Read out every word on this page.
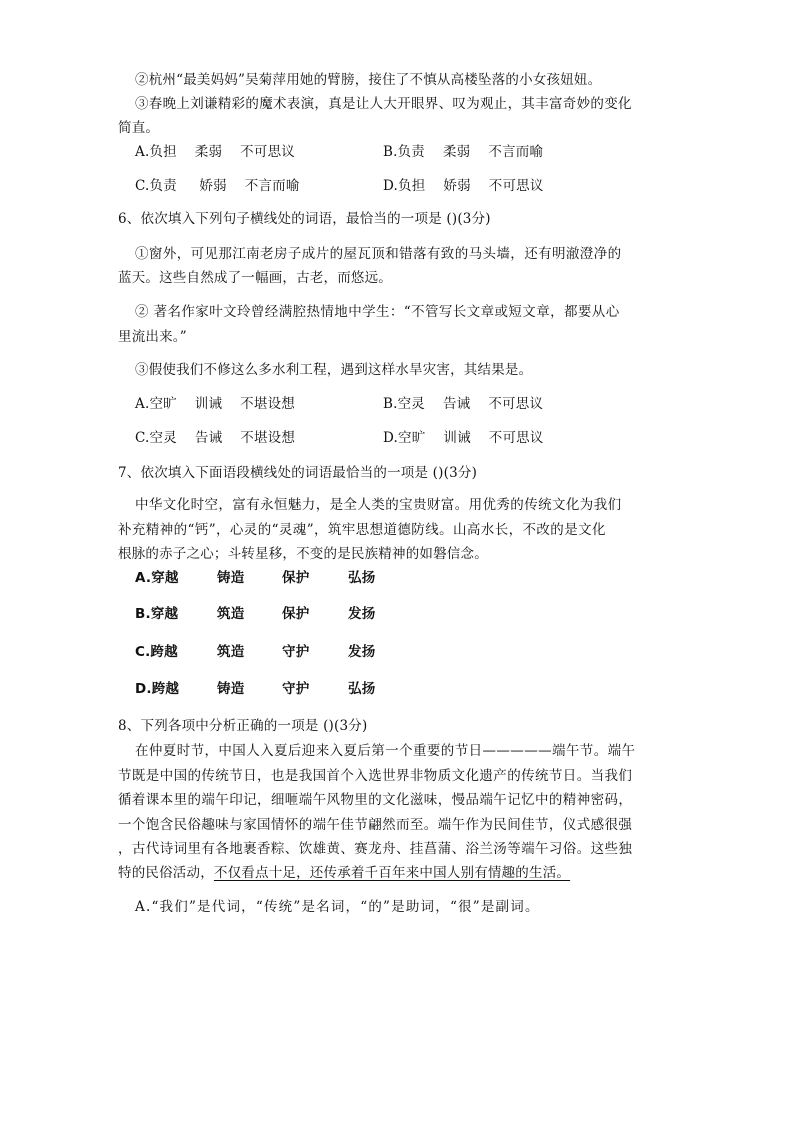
②杭州“最美妈妈”吴菊萍用她的臂膀，接住了不慎从高楼坠落的小女孩妞妞。
③春晚上刘谦精彩的魔术表演，真是让人大开眼界、叹为观止，其丰富奇妙的变化
简直。
A.负担    柔弱    不可思议	B.负责    柔弱    不言而喻
C.负责     娇弱    不言而喻	D.负担    娇弱    不可思议
6、依次填入下列句子横线处的词语，最恰当的一项是 ()(3分)
①窗外，可见那江南老房子成片的屋瓦顶和错落有致的马头墙，还有明澈澄净的
蓝天。这些自然成了一幅画，古老，而悠远。
② 著名作家叶文玲曾经满腔热情地中学生：“不管写长文章或短文章，都要从心
里流出来。”
③假使我们不修这么多水利工程，遇到这样水旱灾害，其结果是。
A.空旷    训诫    不堪设想	B.空灵    告诫    不可思议
C.空灵    告诫    不堪设想	D.空旷    训诫    不可思议
7、依次填入下面语段横线处的词语最恰当的一项是 ()(3分)
中华文化时空，富有永恒魅力，是全人类的宝贵财富。用优秀的传统文化为我们
补充精神的“钙”，心灵的“灵魂”，筑牢思想道德防线。山高水长，不改的是文化
根脉的赤子之心；斗转星移，不变的是民族精神的如磐信念。
A.穿越	铸造	保护	弘扬
B.穿越	筑造	保护	发扬
C.跨越	筑造	守护	发扬
D.跨越	铸造	守护	弘扬
8、下列各项中分析正确的一项是 ()(3分)
在仲夏时节，中国人入夏后迎来入夏后第一个重要的节日—————端午节。端午
节既是中国的传统节日，也是我国首个入选世界非物质文化遗产的传统节日。当我们
循着课本里的端午印记，细咂端午风物里的文化滋味，慢品端午记忆中的精神密码，
一个饱含民俗趣味与家国情怀的端午佳节翩然而至。端午作为民间佳节，仪式感很强
，古代诗词里有各地裹香粽、饮雄黄、赛龙舟、挂菖蒲、浴兰汤等端午习俗。这些独
特的民俗活动，不仅看点十足，还传承着千百年来中国人别有情趣的生活。
A.“我们”是代词，“传统”是名词，“的”是助词，“很”是副词。
